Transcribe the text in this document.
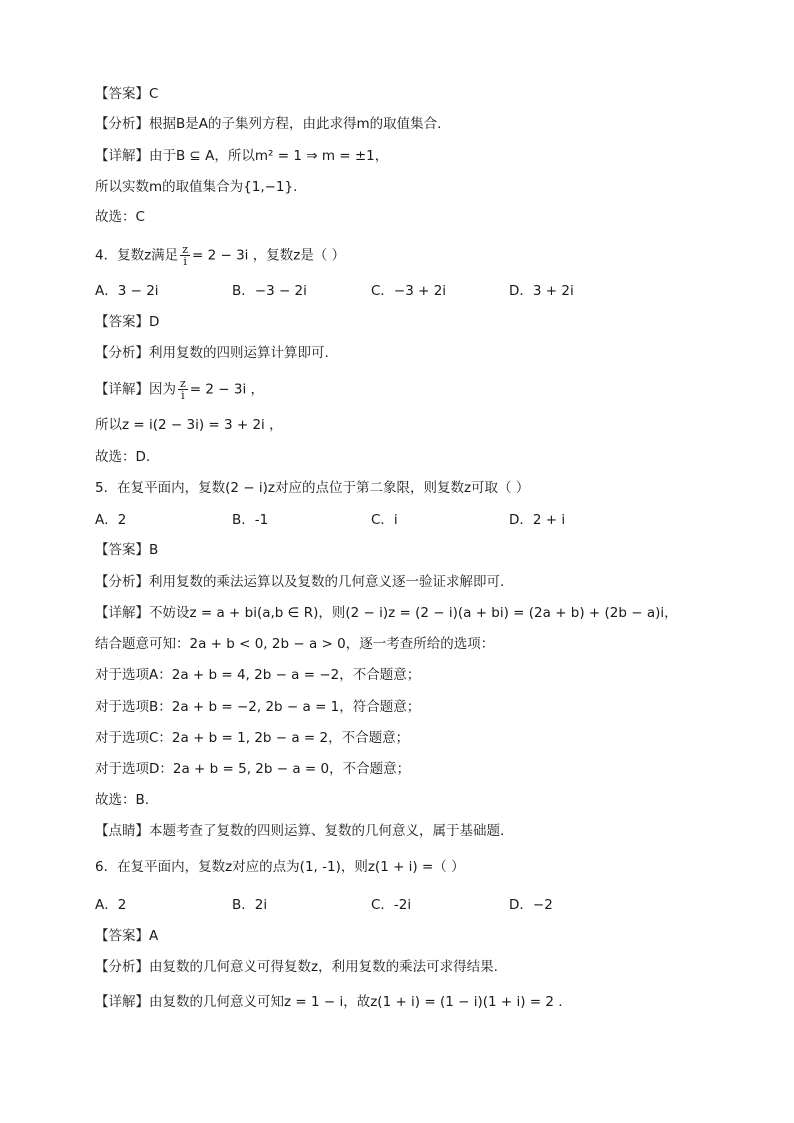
【答案】C
【分析】根据B是A的子集列方程，由此求得m的取值集合.
【详解】由于B ⊆ A，所以m² = 1 ⇒ m = ±1，
所以实数m的取值集合为{1,−1}.
故选：C
4．复数z满足 $\frac{z}{i} = 2 - 3i$ ，复数z是（ ）
A．3 − 2i	B．−3 − 2i	C．−3 + 2i	D．3 + 2i
【答案】D
【分析】利用复数的四则运算计算即可.
【详解】因为 $\frac{z}{i} = 2 - 3i$ ，
所以z = i(2 − 3i) = 3 + 2i ，
故选：D.
5．在复平面内，复数(2 − i)z对应的点位于第二象限，则复数z可取（ ）
A．2	B．-1	C．i	D．2 + i
【答案】B
【分析】利用复数的乘法运算以及复数的几何意义逐一验证求解即可.
【详解】不妨设z = a + bi(a,b ∈ R)，则(2 − i)z = (2 − i)(a + bi) = (2a + b) + (2b − a)i，
结合题意可知：2a + b < 0, 2b − a > 0，逐一考查所给的选项：
对于选项A：2a + b = 4, 2b − a = −2，不合题意；
对于选项B：2a + b = −2, 2b − a = 1，符合题意；
对于选项C：2a + b = 1, 2b − a = 2，不合题意；
对于选项D：2a + b = 5, 2b − a = 0，不合题意；
故选：B.
【点睛】本题考查了复数的四则运算、复数的几何意义，属于基础题.
6．在复平面内，复数z对应的点为(1, -1)，则z(1 + i) =（ ）
A．2	B．2i	C．-2i	D．−2
【答案】A
【分析】由复数的几何意义可得复数z，利用复数的乘法可求得结果.
【详解】由复数的几何意义可知z = 1 − i，故z(1 + i) = (1 − i)(1 + i) = 2 .
